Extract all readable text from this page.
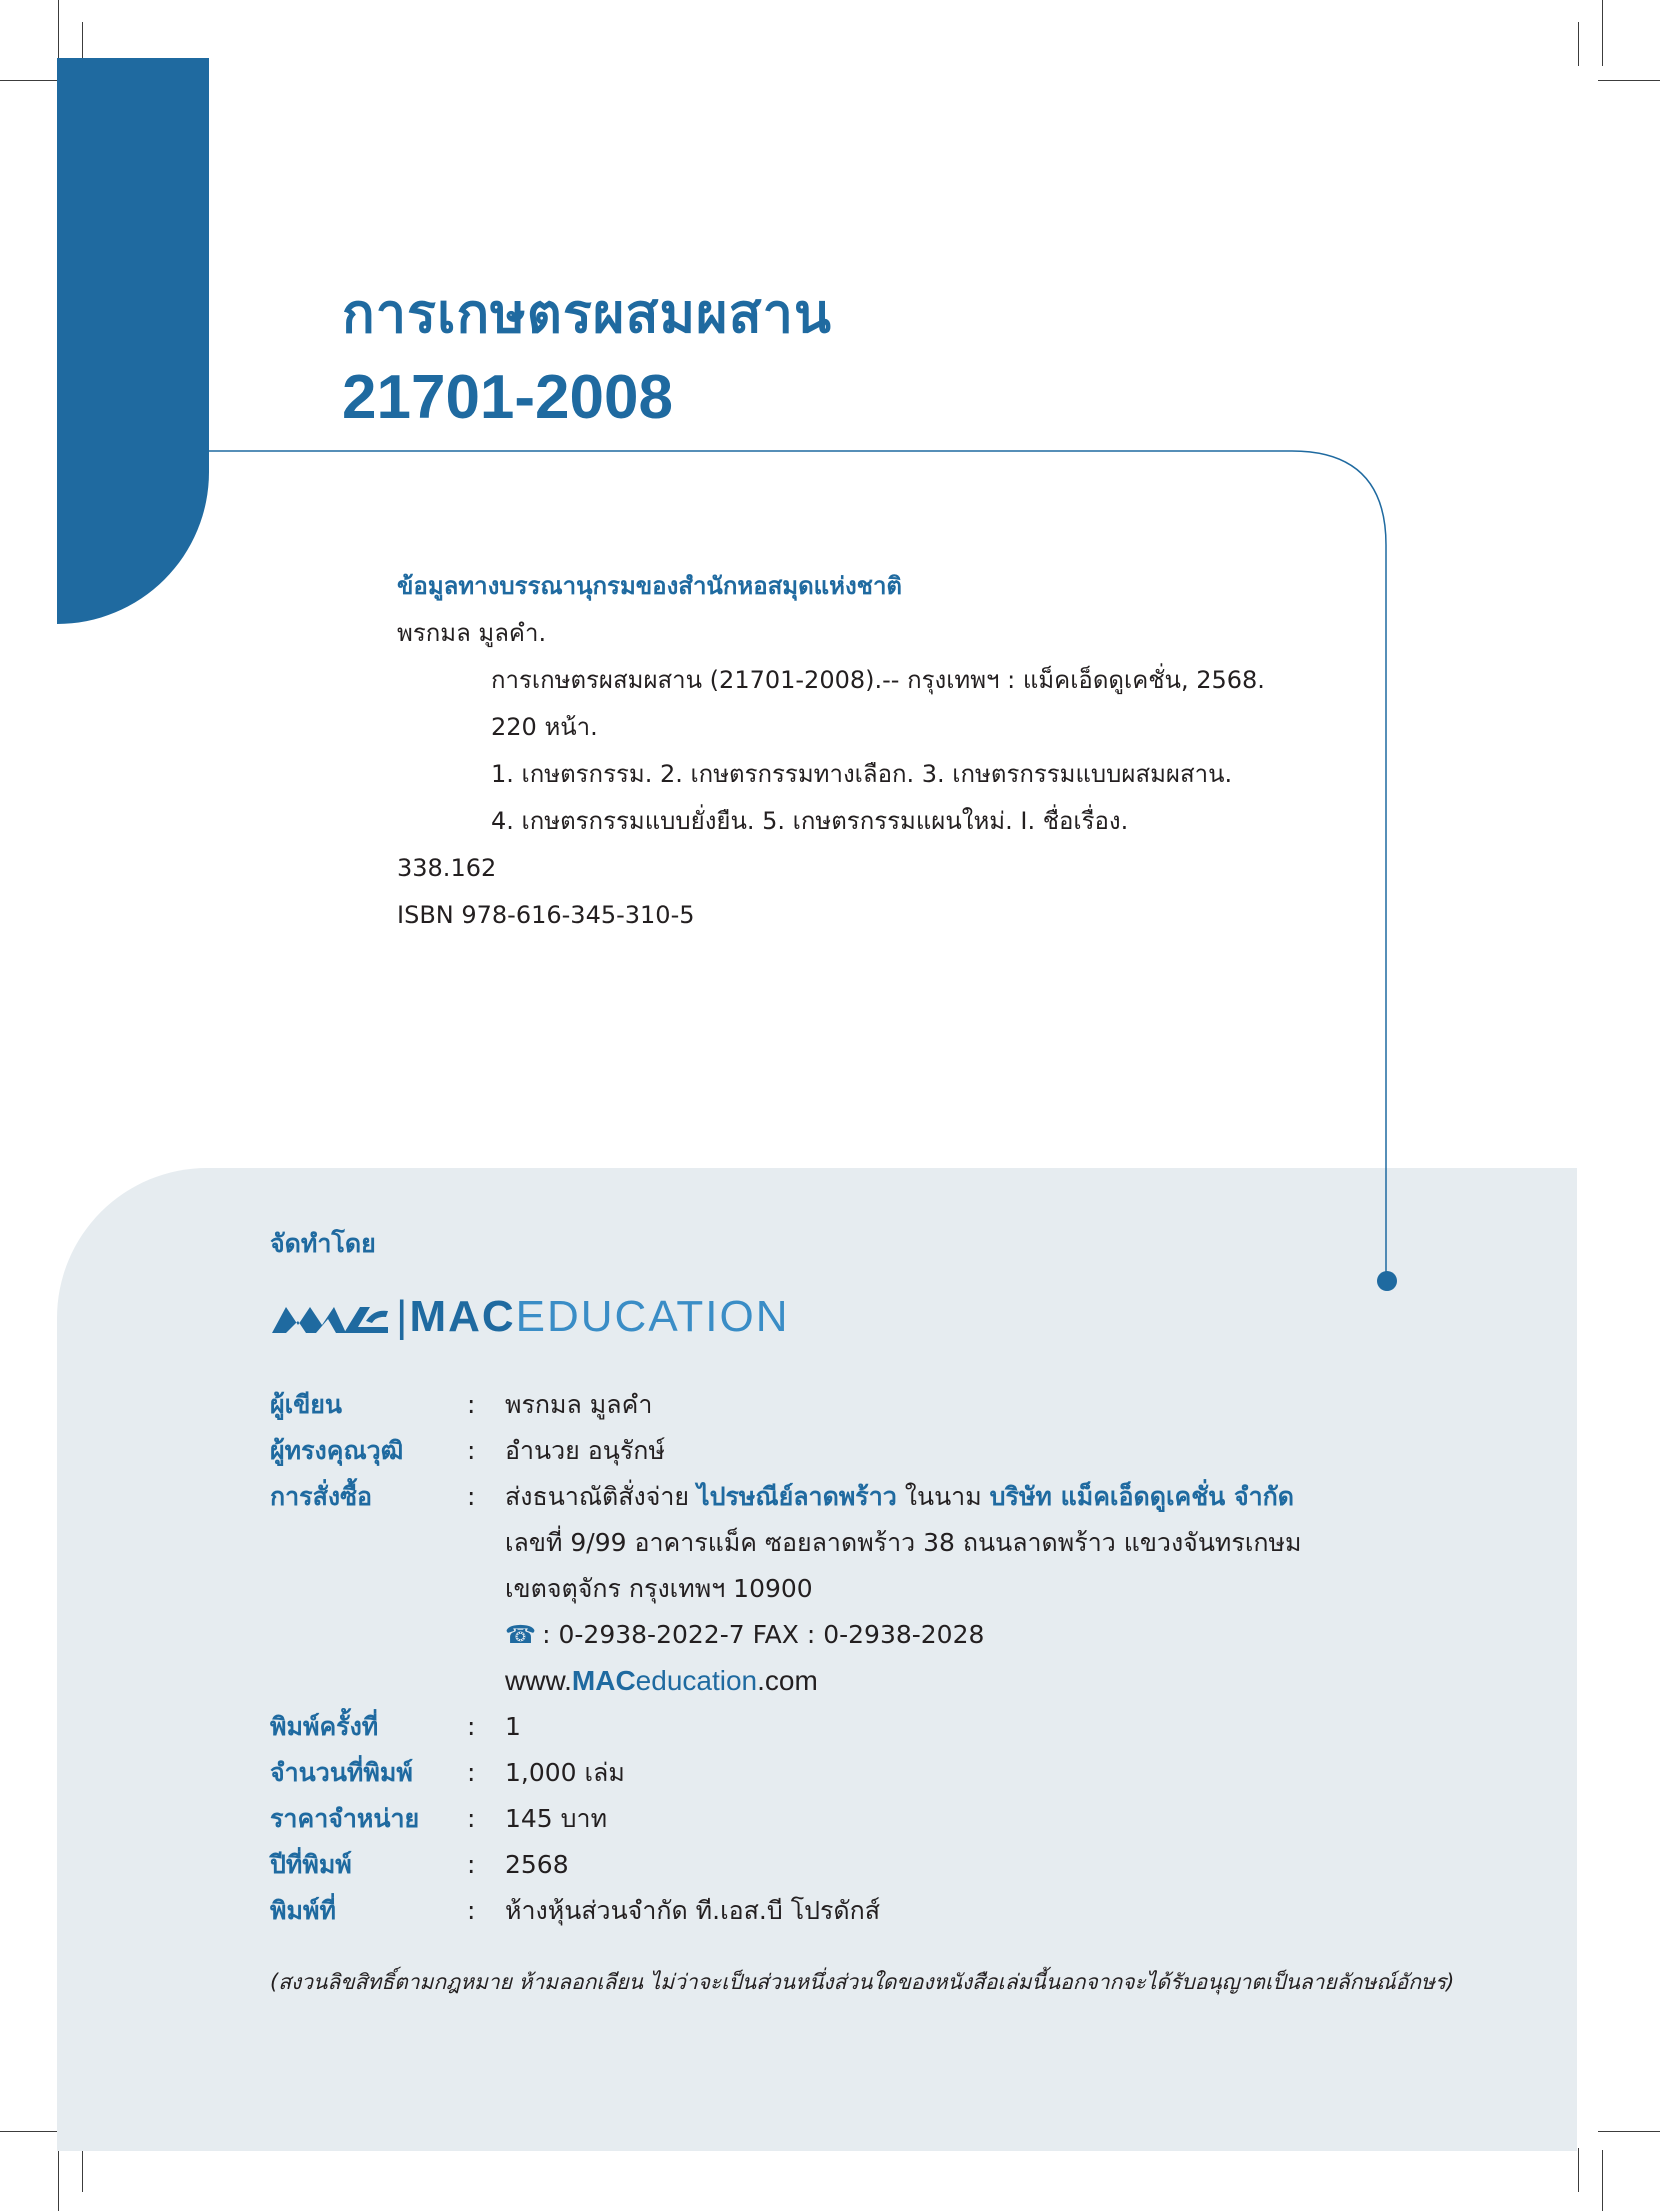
การเกษตรผสมผสาน
21701-2008
ข้อมูลทางบรรณานุกรมของสำนักหอสมุดแห่งชาติ
พรกมล มูลคำ.
การเกษตรผสมผสาน (21701-2008).-- กรุงเทพฯ : แม็คเอ็ดดูเคชั่น, 2568.
220 หน้า.
1. เกษตรกรรม. 2. เกษตรกรรมทางเลือก. 3. เกษตรกรรมแบบผสมผสาน.
4. เกษตรกรรมแบบยั่งยืน. 5. เกษตรกรรมแผนใหม่. I. ชื่อเรื่อง.
338.162
ISBN 978-616-345-310-5
จัดทำโดย
|MACEDUCATION
ผู้เขียน	:	พรกมล มูลคำ
ผู้ทรงคุณวุฒิ	:	อำนวย อนุรักษ์
การสั่งซื้อ	:	ส่งธนาณัติสั่งจ่าย ไปรษณีย์ลาดพร้าว ในนาม บริษัท แม็คเอ็ดดูเคชั่น จำกัด
เลขที่ 9/99 อาคารแม็ค ซอยลาดพร้าว 38 ถนนลาดพร้าว แขวงจันทรเกษม
เขตจตุจักร กรุงเทพฯ 10900
☎ : 0-2938-2022-7 FAX : 0-2938-2028
www.MACeducation.com
พิมพ์ครั้งที่	:	1
จำนวนที่พิมพ์	:	1,000 เล่ม
ราคาจำหน่าย	:	145 บาท
ปีที่พิมพ์	:	2568
พิมพ์ที่	:	ห้างหุ้นส่วนจำกัด ที.เอส.บี โปรดักส์

(สงวนลิขสิทธิ์ตามกฎหมาย ห้ามลอกเลียน ไม่ว่าจะเป็นส่วนหนึ่งส่วนใดของหนังสือเล่มนี้นอกจากจะได้รับอนุญาตเป็นลายลักษณ์อักษร)
